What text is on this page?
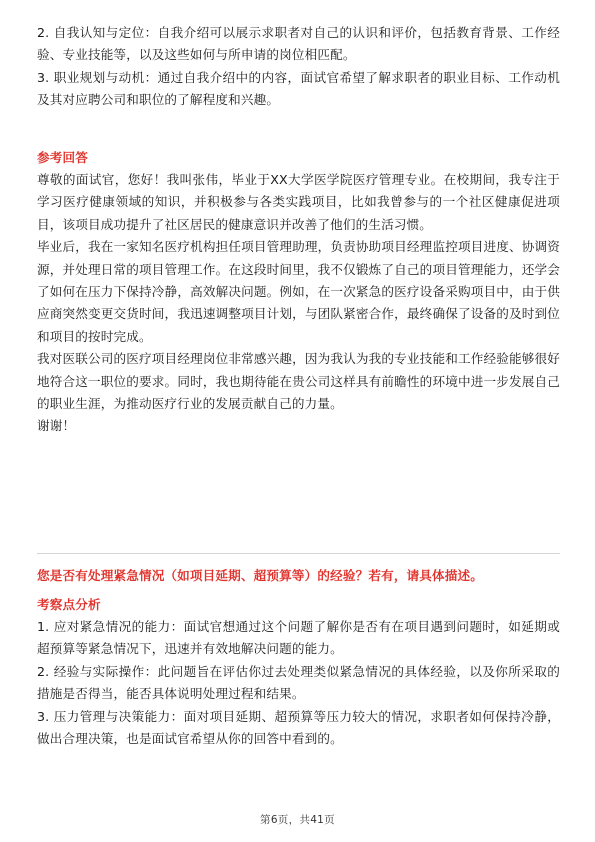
2. 自我认知与定位：自我介绍可以展示求职者对自己的认识和评价，包括教育背景、工作经验、专业技能等，以及这些如何与所申请的岗位相匹配。

3. 职业规划与动机：通过自我介绍中的内容，面试官希望了解求职者的职业目标、工作动机及其对应聘公司和职位的了解程度和兴趣。

参考回答

尊敬的面试官，您好！我叫张伟，毕业于XX大学医学院医疗管理专业。在校期间，我专注于学习医疗健康领域的知识，并积极参与各类实践项目，比如我曾参与的一个社区健康促进项目，该项目成功提升了社区居民的健康意识并改善了他们的生活习惯。

毕业后，我在一家知名医疗机构担任项目管理助理，负责协助项目经理监控项目进度、协调资源，并处理日常的项目管理工作。在这段时间里，我不仅锻炼了自己的项目管理能力，还学会了如何在压力下保持冷静，高效解决问题。例如，在一次紧急的医疗设备采购项目中，由于供应商突然变更交货时间，我迅速调整项目计划，与团队紧密合作，最终确保了设备的及时到位和项目的按时完成。

我对医联公司的医疗项目经理岗位非常感兴趣，因为我认为我的专业技能和工作经验能够很好地符合这一职位的要求。同时，我也期待能在贵公司这样具有前瞻性的环境中进一步发展自己的职业生涯，为推动医疗行业的发展贡献自己的力量。

谢谢！

您是否有处理紧急情况（如项目延期、超预算等）的经验？若有，请具体描述。

考察点分析

1. 应对紧急情况的能力：面试官想通过这个问题了解你是否有在项目遇到问题时，如延期或超预算等紧急情况下，迅速并有效地解决问题的能力。

2. 经验与实际操作：此问题旨在评估你过去处理类似紧急情况的具体经验，以及你所采取的措施是否得当，能否具体说明处理过程和结果。

3. 压力管理与决策能力：面对项目延期、超预算等压力较大的情况，求职者如何保持冷静，做出合理决策，也是面试官希望从你的回答中看到的。

第6页，共41页
